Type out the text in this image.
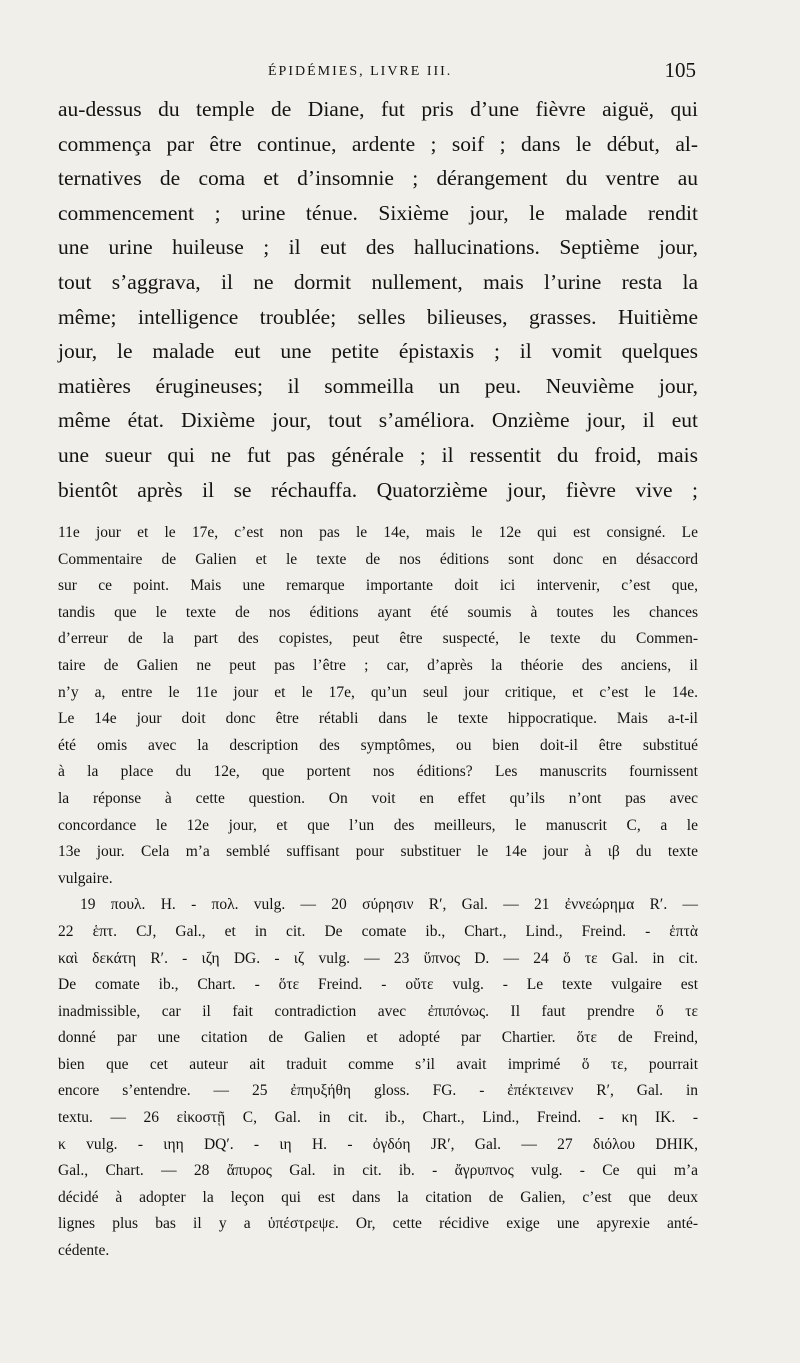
ÉPIDÉMIES, LIVRE III.	105

au-dessus du temple de Diane, fut pris d’une fièvre aiguë, qui
commença par être continue, ardente ; soif ; dans le début, al-
ternatives de coma et d’insomnie ; dérangement du ventre au
commencement ; urine ténue. Sixième jour, le malade rendit
une urine huileuse ; il eut des hallucinations. Septième jour,
tout s’aggrava, il ne dormit nullement, mais l’urine resta la
même; intelligence troublée; selles bilieuses, grasses. Huitième
jour, le malade eut une petite épistaxis ; il vomit quelques
matières érugineuses; il sommeilla un peu. Neuvième jour,
même état. Dixième jour, tout s’améliora. Onzième jour, il eut
une sueur qui ne fut pas générale ; il ressentit du froid, mais
bientôt après il se réchauffa. Quatorzième jour, fièvre vive ;

11e jour et le 17e, c’est non pas le 14e, mais le 12e qui est consigné. Le
Commentaire de Galien et le texte de nos éditions sont donc en désaccord
sur ce point. Mais une remarque importante doit ici intervenir, c’est que,
tandis que le texte de nos éditions ayant été soumis à toutes les chances
d’erreur de la part des copistes, peut être suspecté, le texte du Commen-
taire de Galien ne peut pas l’être ; car, d’après la théorie des anciens, il
n’y a, entre le 11e jour et le 17e, qu’un seul jour critique, et c’est le 14e.
Le 14e jour doit donc être rétabli dans le texte hippocratique. Mais a-t-il
été omis avec la description des symptômes, ou bien doit-il être substitué
à la place du 12e, que portent nos éditions? Les manuscrits fournissent
la réponse à cette question. On voit en effet qu’ils n’ont pas avec
concordance le 12e jour, et que l’un des meilleurs, le manuscrit C, a le
13e jour. Cela m’a semblé suffisant pour substituer le 14e jour à ιβ du texte
vulgaire.
19 πουλ. H. - πολ. vulg. — 20 σύρησιν R′, Gal. — 21 ἐννεώρημα R′. —
22 ἑπτ. CJ, Gal., et in cit. De comate ib., Chart., Lind., Freind. - ἑπτὰ
καὶ δεκάτη R′. - ιζη DG. - ιζ vulg. — 23 ὕπνος D. — 24 ὅ τε Gal. in cit.
De comate ib., Chart. - ὅτε Freind. - οὔτε vulg. - Le texte vulgaire est
inadmissible, car il fait contradiction avec ἐπιπόνως. Il faut prendre ὅ τε
donné par une citation de Galien et adopté par Chartier. ὅτε de Freind,
bien que cet auteur ait traduit comme s’il avait imprimé ὅ τε, pourrait
encore s’entendre. — 25 ἐπηυξήθη gloss. FG. - ἐπέκτεινεν R′, Gal. in
textu. — 26 εἰκοστῇ C, Gal. in cit. ib., Chart., Lind., Freind. - κη IK. -
κ vulg. - ιηη DQ′. - ιη H. - ὀγδόη JR′, Gal. — 27 διόλου DHIK,
Gal., Chart. — 28 ἄπυρος Gal. in cit. ib. - ἄγρυπνος vulg. - Ce qui m’a
décidé à adopter la leçon qui est dans la citation de Galien, c’est que deux
lignes plus bas il y a ὑπέστρεψε. Or, cette récidive exige une apyrexie anté-
cédente.
